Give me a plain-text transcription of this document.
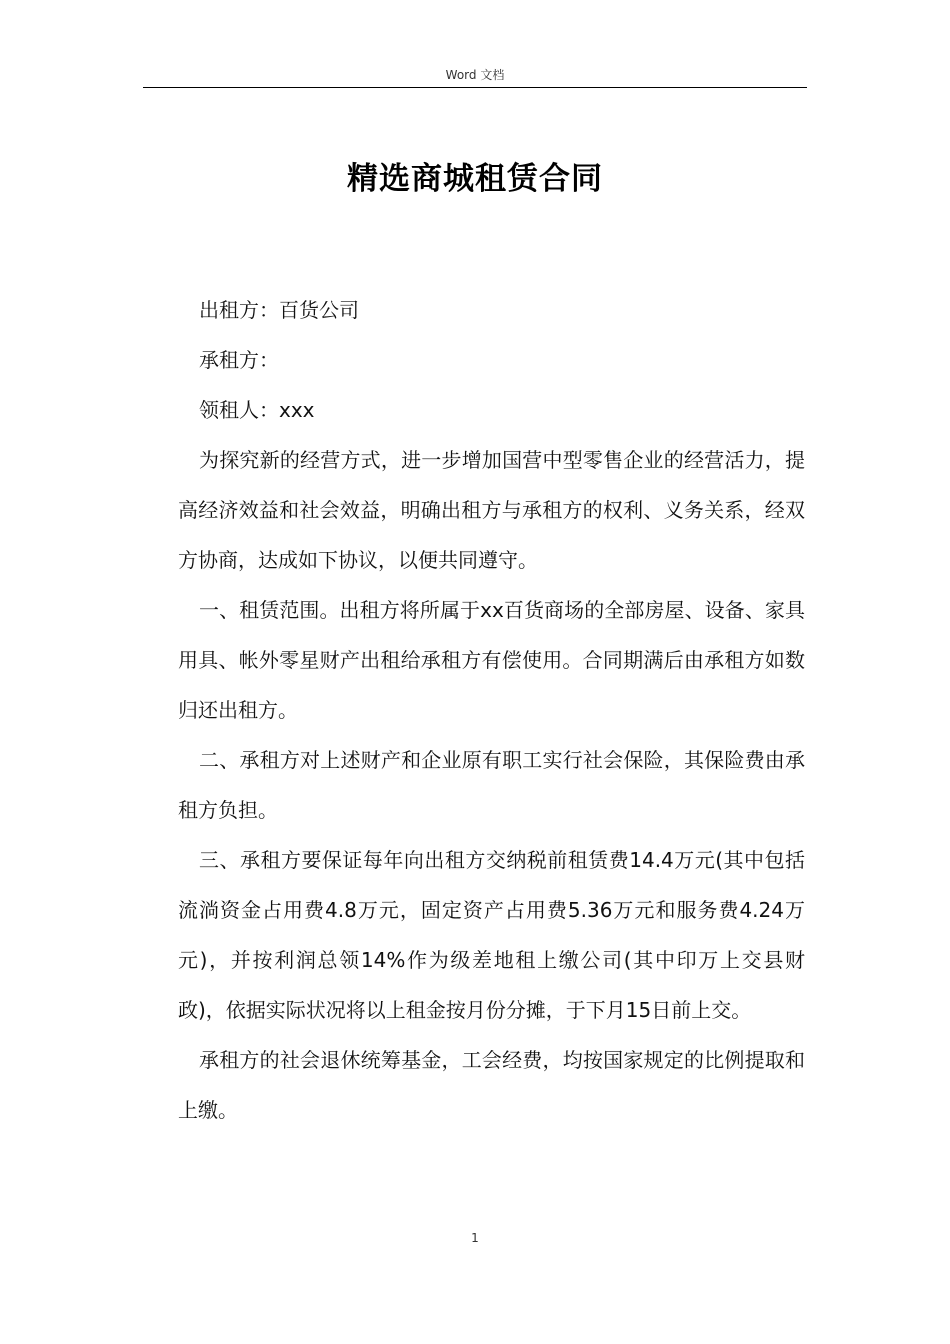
Word 文档
精选商城租赁合同

出租方：百货公司

承租方：

领租人：xxx

为探究新的经营方式，进一步增加国营中型零售企业的经营活力，提高经济效益和社会效益，明确出租方与承租方的权利、义务关系，经双方协商，达成如下协议，以便共同遵守。

一、租赁范围。出租方将所属于xx百货商场的全部房屋、设备、家具用具、帐外零星财产出租给承租方有偿使用。合同期满后由承租方如数归还出租方。

二、承租方对上述财产和企业原有职工实行社会保险，其保险费由承租方负担。

三、承租方要保证每年向出租方交纳税前租赁费14.4万元(其中包括流淌资金占用费4.8万元，固定资产占用费5.36万元和服务费4.24万元)，并按利润总领14%作为级差地租上缴公司(其中印万上交县财政)，依据实际状况将以上租金按月份分摊，于下月15日前上交。

承租方的社会退休统筹基金，工会经费，均按国家规定的比例提取和上缴。

1
